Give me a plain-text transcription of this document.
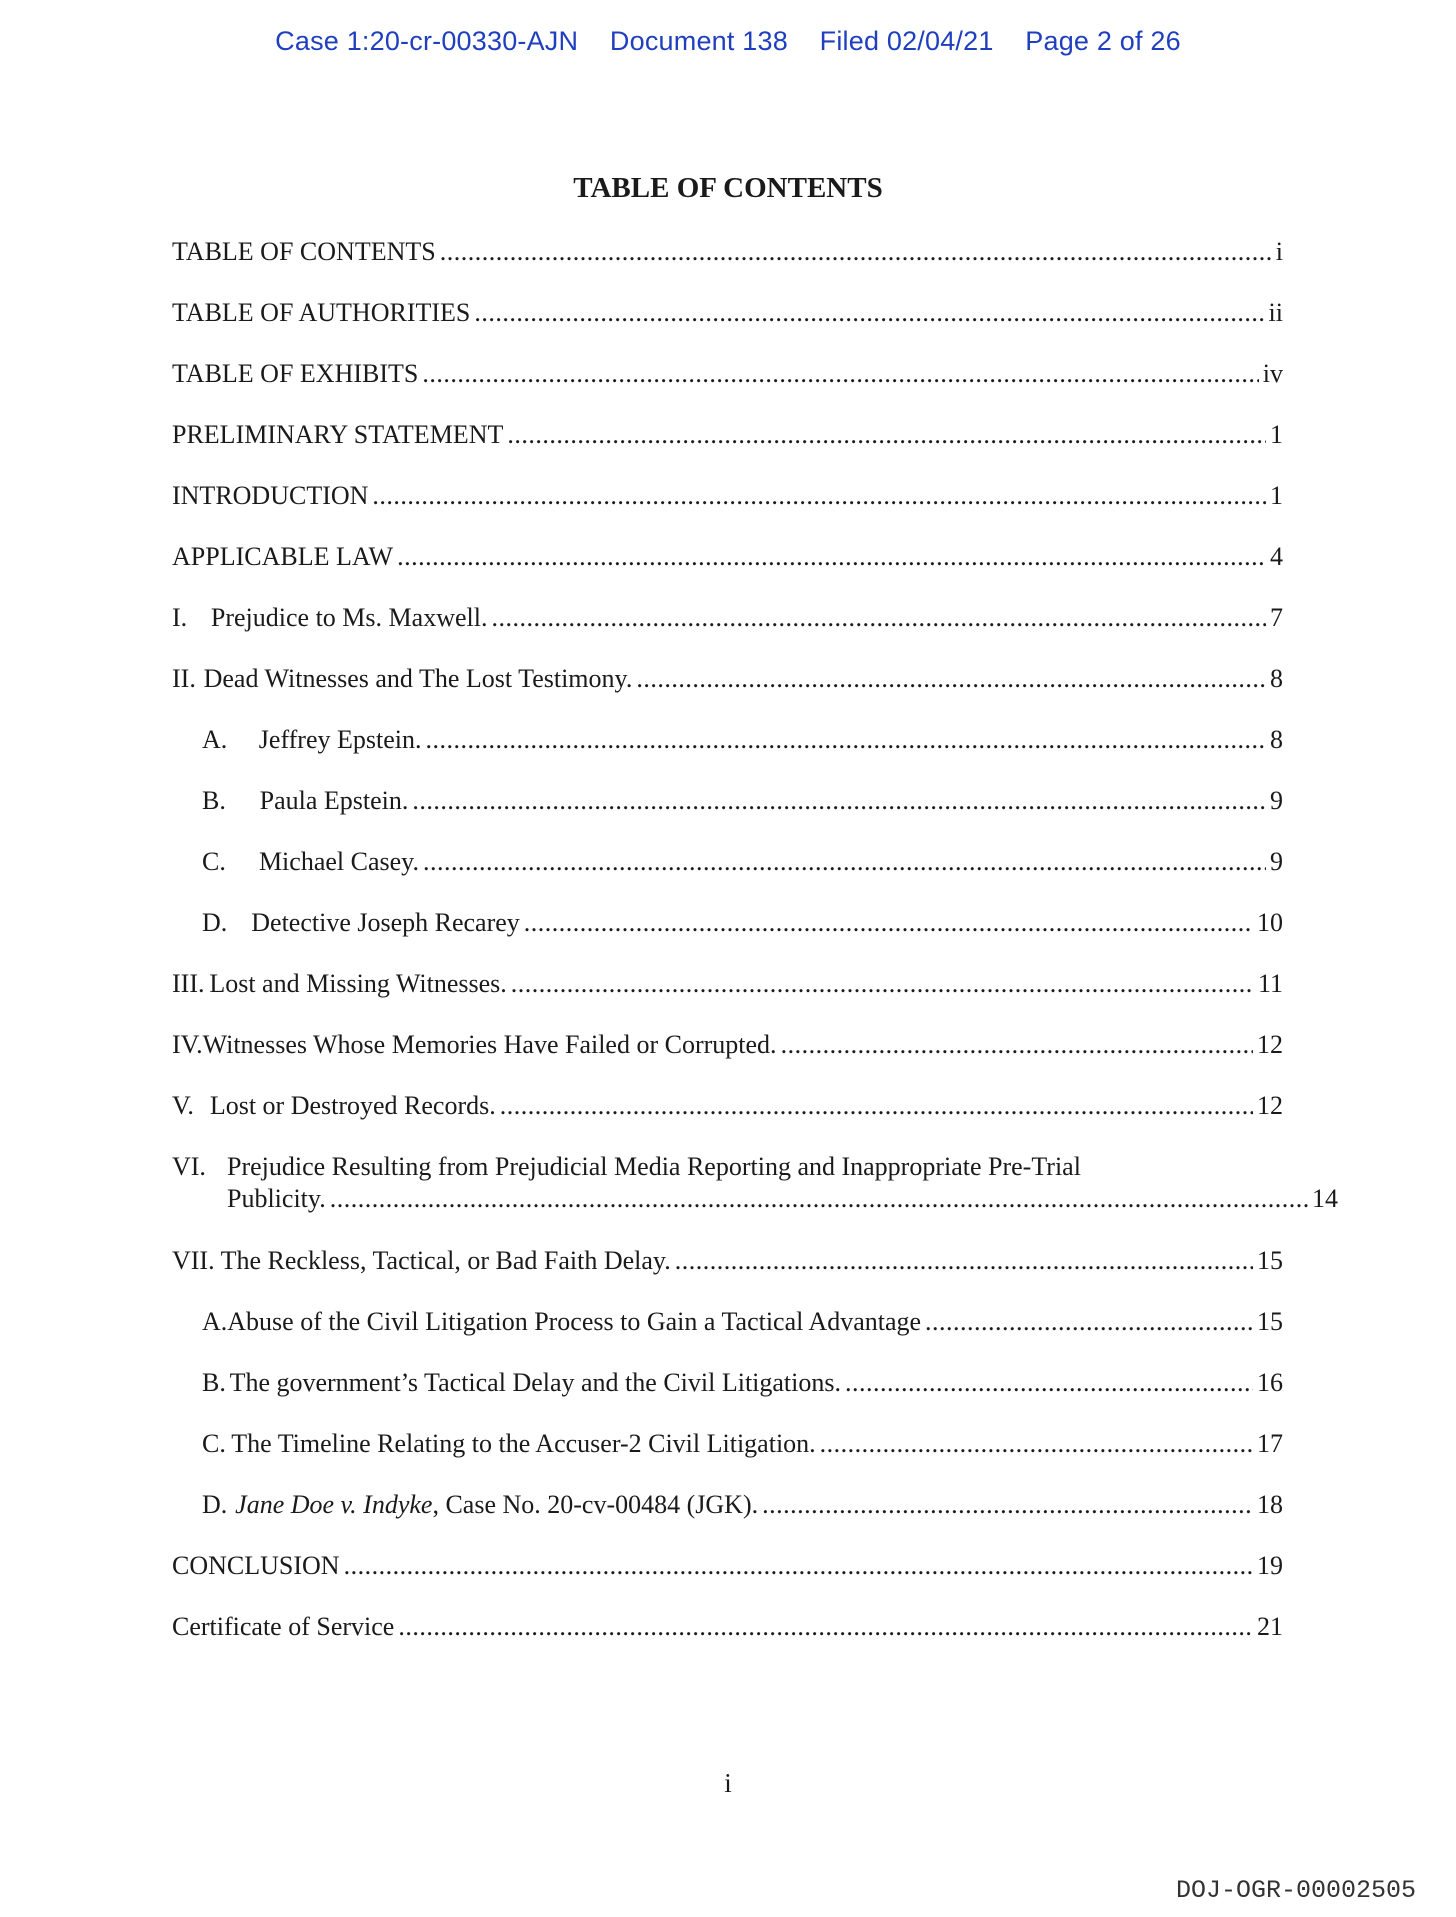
Case 1:20-cr-00330-AJN Document 138 Filed 02/04/21 Page 2 of 26
TABLE OF CONTENTS
TABLE OF CONTENTS . . .	i
TABLE OF AUTHORITIES . . .	ii
TABLE OF EXHIBITS . . .	iv
PRELIMINARY STATEMENT . . .	1
INTRODUCTION . . .	1
APPLICABLE LAW . . .	4
I. Prejudice to Ms. Maxwell. . . .	7
II. Dead Witnesses and The Lost Testimony. . . .	8
A.	Jeffrey Epstein. . . .	8
B.	Paula Epstein. . . .	9
C.	Michael Casey. . . .	9
D. Detective Joseph Recarey . . .	10
III. Lost and Missing Witnesses. . . .	11
IV. Witnesses Whose Memories Have Failed or Corrupted. . . .	12
V. Lost or Destroyed Records. . . .	12
VI. Prejudice Resulting from Prejudicial Media Reporting and Inappropriate Pre-Trial
Publicity. . . .	14
VII. The Reckless, Tactical, or Bad Faith Delay. . . .	15
A. Abuse of the Civil Litigation Process to Gain a Tactical Advantage . . .	15
B. The government’s Tactical Delay and the Civil Litigations. . . .	16
C. The Timeline Relating to the Accuser-2 Civil Litigation. . . .	17
D. Jane Doe v. Indyke, Case No. 20-cv-00484 (JGK). . . .	18
CONCLUSION . . .	19
Certificate of Service . . .	21
i
DOJ-OGR-00002505
